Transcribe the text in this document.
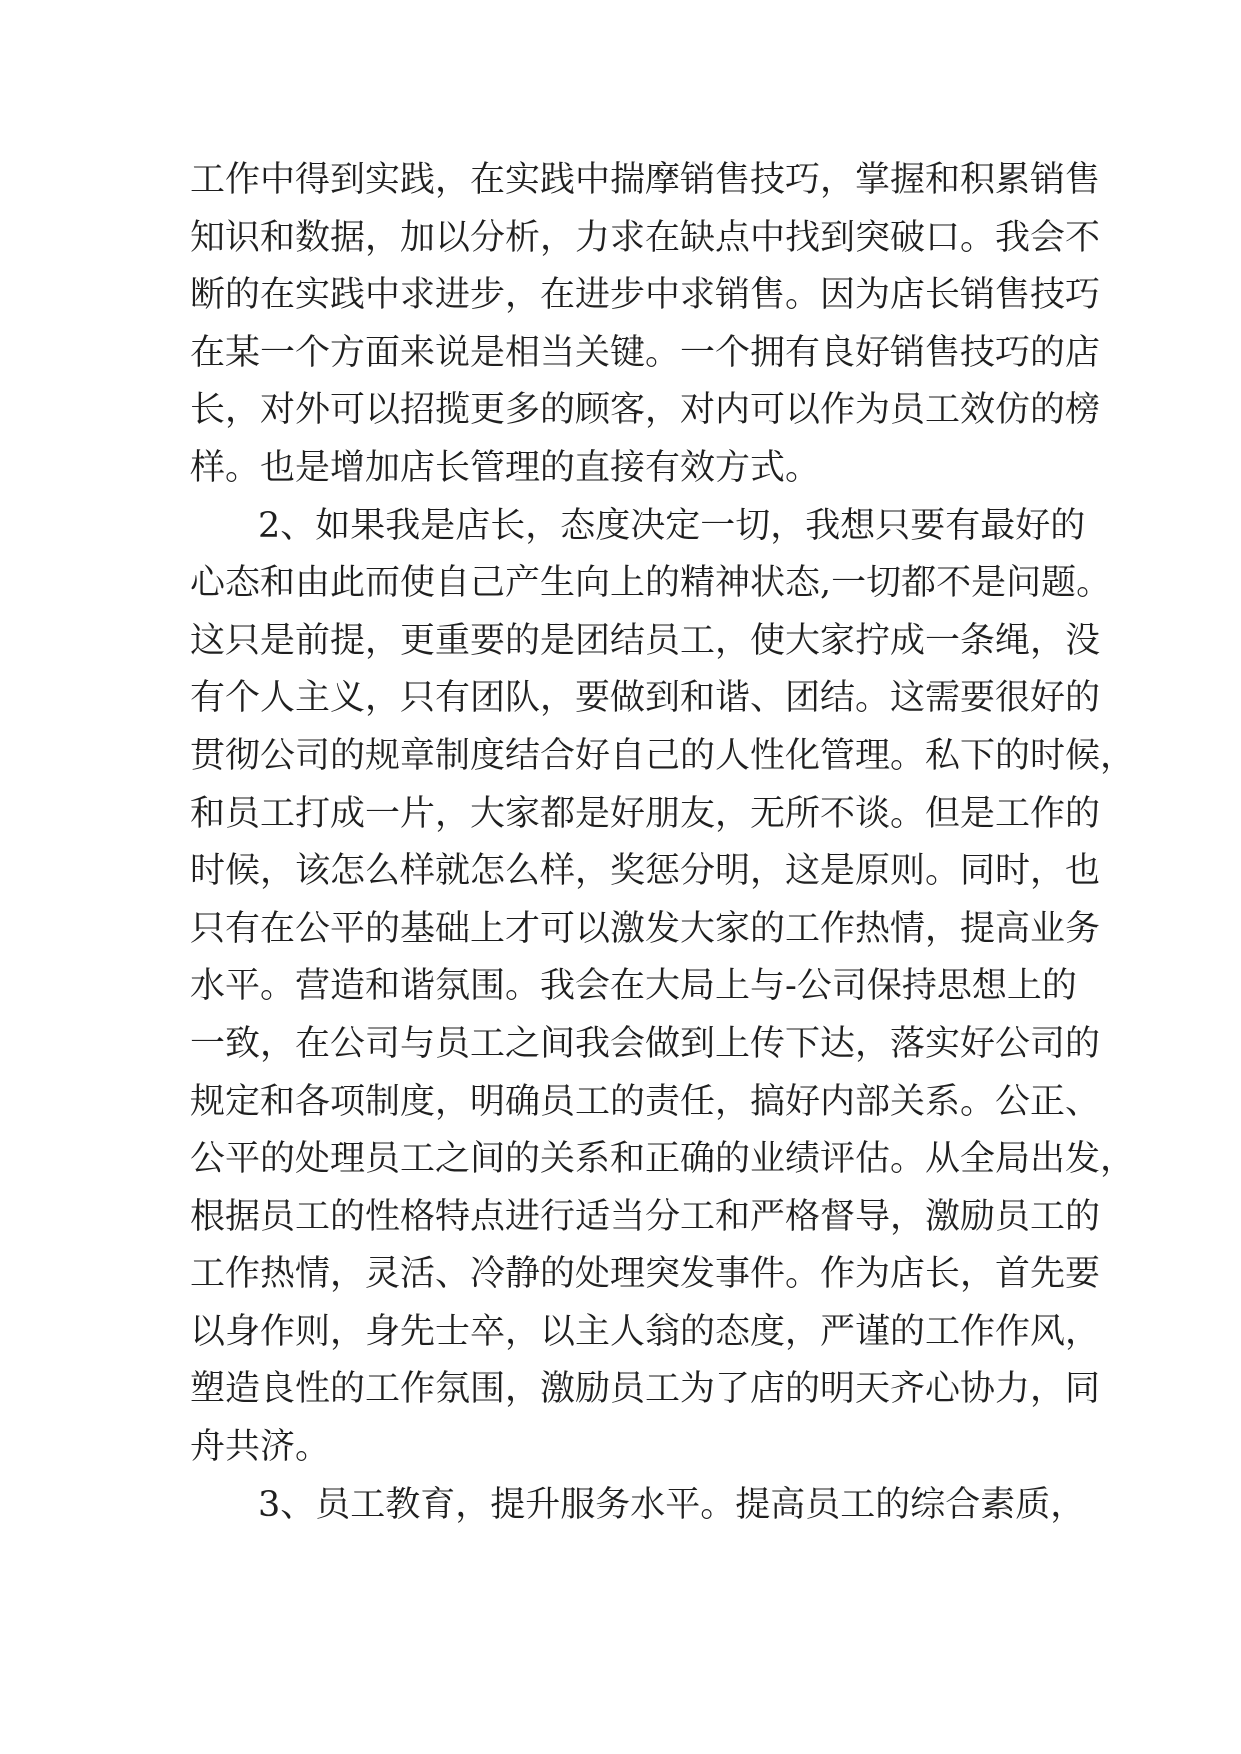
工作中得到实践，在实践中揣摩销售技巧，掌握和积累销售
知识和数据，加以分析，力求在缺点中找到突破口。我会不
断的在实践中求进步，在进步中求销售。因为店长销售技巧
在某一个方面来说是相当关键。一个拥有良好销售技巧的店
长，对外可以招揽更多的顾客，对内可以作为员工效仿的榜
样。也是增加店长管理的直接有效方式。
2、如果我是店长，态度决定一切，我想只要有最好的
心态和由此而使自己产生向上的精神状态,一切都不是问题。
这只是前提，更重要的是团结员工，使大家拧成一条绳，没
有个人主义，只有团队，要做到和谐、团结。这需要很好的
贯彻公司的规章制度结合好自己的人性化管理。私下的时候，
和员工打成一片，大家都是好朋友，无所不谈。但是工作的
时候，该怎么样就怎么样，奖惩分明，这是原则。同时，也
只有在公平的基础上才可以激发大家的工作热情，提高业务
水平。营造和谐氛围。我会在大局上与-公司保持思想上的
一致，在公司与员工之间我会做到上传下达，落实好公司的
规定和各项制度，明确员工的责任，搞好内部关系。公正、
公平的处理员工之间的关系和正确的业绩评估。从全局出发，
根据员工的性格特点进行适当分工和严格督导，激励员工的
工作热情，灵活、冷静的处理突发事件。作为店长，首先要
以身作则，身先士卒，以主人翁的态度，严谨的工作作风，
塑造良性的工作氛围，激励员工为了店的明天齐心协力，同
舟共济。
3、员工教育，提升服务水平。提高员工的综合素质，
